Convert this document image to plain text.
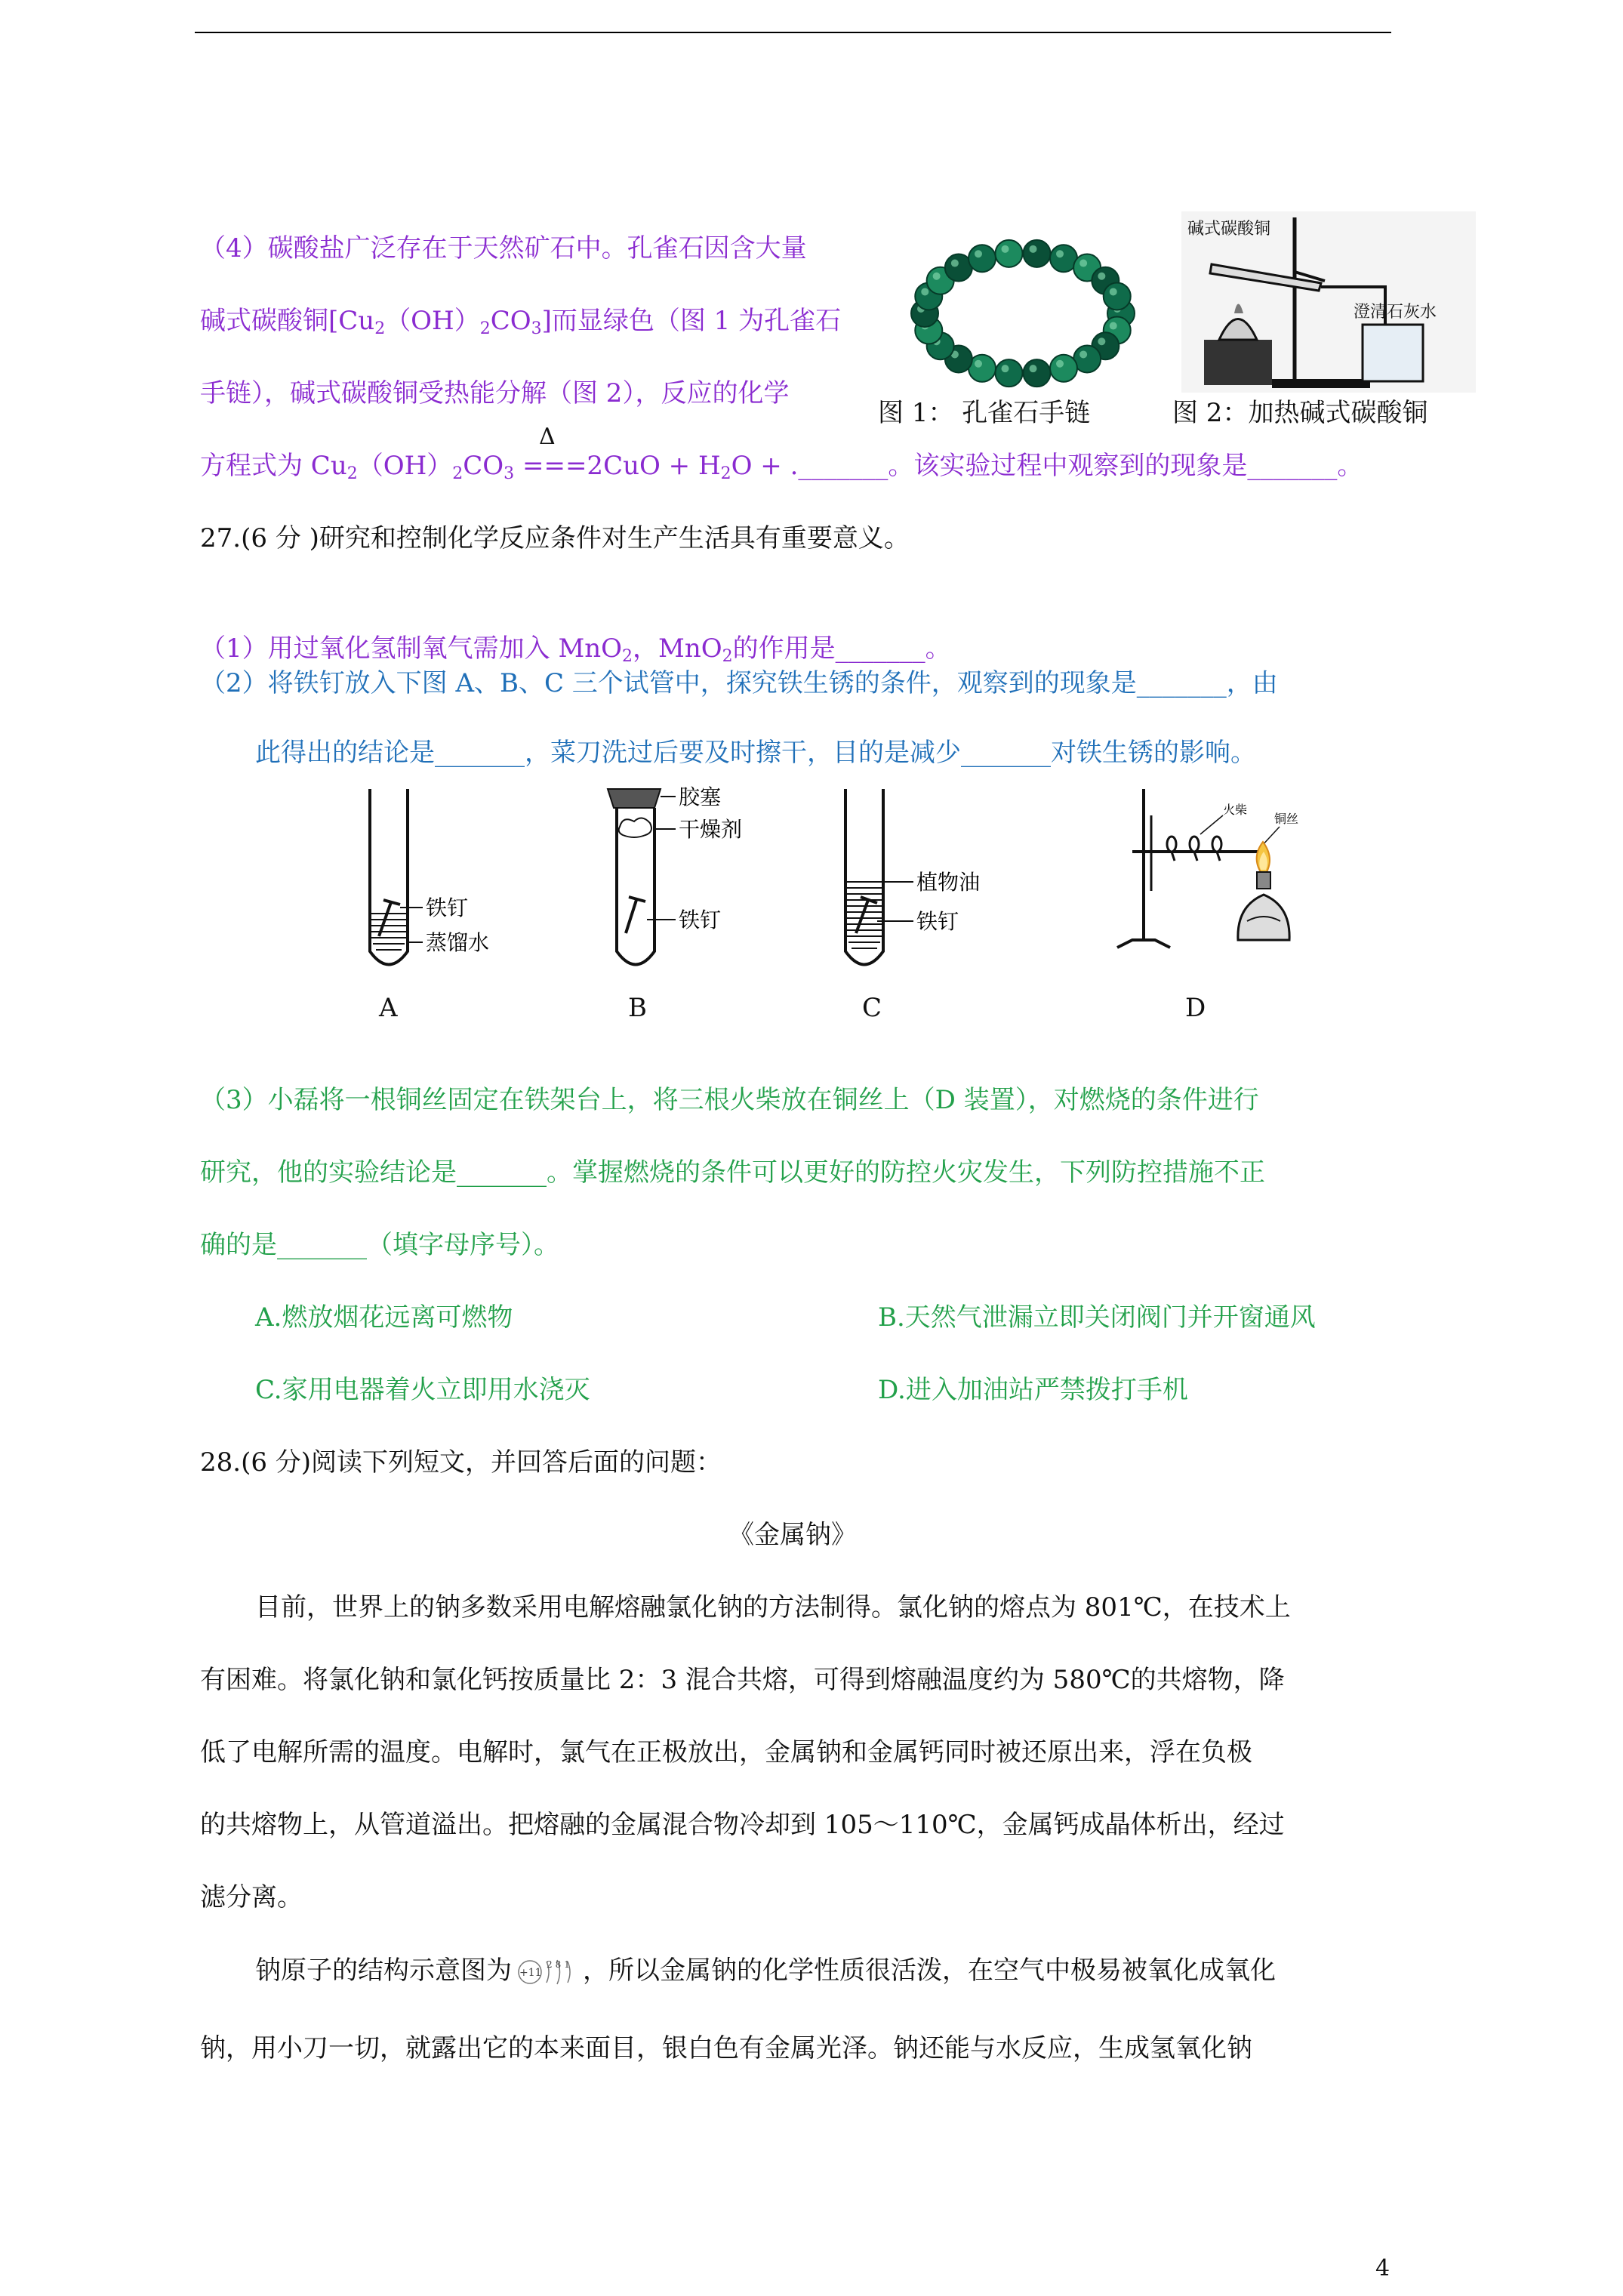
（4）碳酸盐广泛存在于天然矿石中。孔雀石因含大量
碱式碳酸铜$[Cu_2(OH)_2CO_3]$而显绿色（图 1 为孔雀石
手链），碱式碳酸铜受热能分解（图 2），反应的化学
方程式为 $Cu_2(OH)_2CO_3$
Δ
$===2CuO + H_2O$ + ._______。该实验过程中观察到的现象是_______。
图 1： 孔雀石手链
碱式碳酸铜
澄清石灰水
图 2：加热碱式碳酸铜
27.(6 分 )研究和控制化学反应条件对生产生活具有重要意义。
（1）用过氧化氢制氧气需加入 MnO$_2$，MnO$_2$的作用是_______。
（2）将铁钉放入下图 A、B、C 三个试管中，探究铁生锈的条件，观察到的现象是_______，由
此得出的结论是_______，菜刀洗过后要及时擦干，目的是减少_______对铁生锈的影响。
铁钉
蒸馏水
A
胶塞
干燥剂
铁钉
B
植物油
铁钉
C
火柴
铜丝
D
（3）小磊将一根铜丝固定在铁架台上，将三根火柴放在铜丝上（D 装置），对燃烧的条件进行
研究，他的实验结论是_______。掌握燃烧的条件可以更好的防控火灾发生，下列防控措施不正
确的是_______（填字母序号）。
A.燃放烟花远离可燃物	B.天然气泄漏立即关闭阀门并开窗通风
C.家用电器着火立即用水浇灭	D.进入加油站严禁拨打手机
28.(6 分)阅读下列短文，并回答后面的问题：
《金属钠》
目前，世界上的钠多数采用电解熔融氯化钠的方法制得。氯化钠的熔点为 801℃，在技术上
有困难。将氯化钠和氯化钙按质量比 2：3 混合共熔，可得到熔融温度约为 580℃的共熔物，降
低了电解所需的温度。电解时，氯气在正极放出，金属钠和金属钙同时被还原出来，浮在负极
的共熔物上，从管道溢出。把熔融的金属混合物冷却到 105～110℃，金属钙成晶体析出，经过
滤分离。
钠原子的结构示意图为 +11
281 ，所以金属钠的化学性质很活泼，在空气中极易被氧化成氧化
钠，用小刀一切，就露出它的本来面目，银白色有金属光泽。钠还能与水反应，生成氢氧化钠
4
